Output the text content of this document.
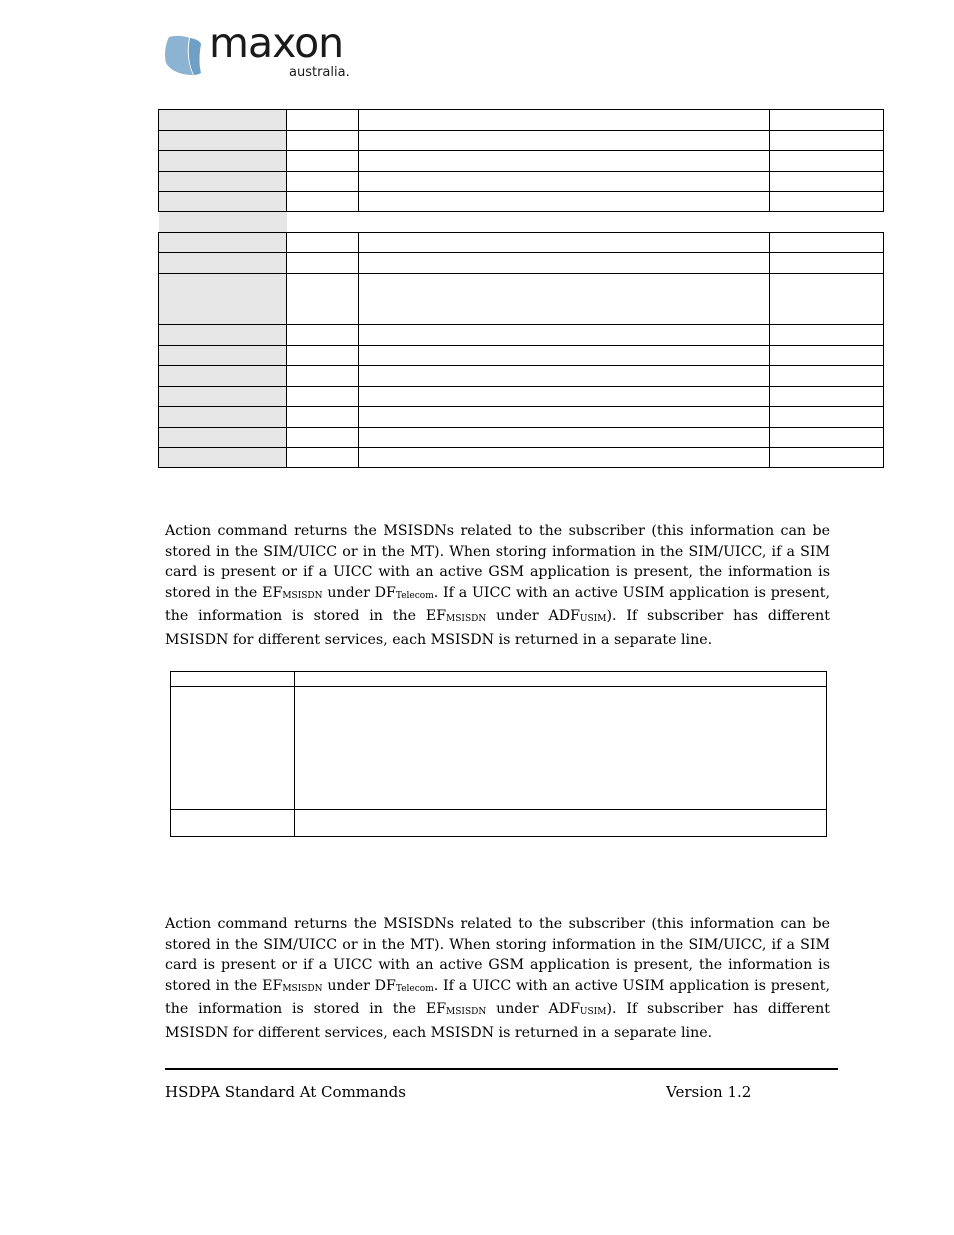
maxon
australia.

Action command returns the MSISDNs related to the subscriber (this information can be stored in the SIM/UICC or in the MT). When storing information in the SIM/UICC, if a SIM card is present or if a UICC with an active GSM application is present, the information is stored in the $EF_{MSISDN}$ under $DF_{Telecom}$. If a UICC with an active USIM application is present, the information is stored in the $EF_{MSISDN}$ under $ADF_{USIM}$). If subscriber has different MSISDN for different services, each MSISDN is returned in a separate line.

Action command returns the MSISDNs related to the subscriber (this information can be stored in the SIM/UICC or in the MT). When storing information in the SIM/UICC, if a SIM card is present or if a UICC with an active GSM application is present, the information is stored in the $EF_{MSISDN}$ under $DF_{Telecom}$. If a UICC with an active USIM application is present, the information is stored in the $EF_{MSISDN}$ under $ADF_{USIM}$). If subscriber has different MSISDN for different services, each MSISDN is returned in a separate line.
HSDPA Standard At Commands	Version 1.2
